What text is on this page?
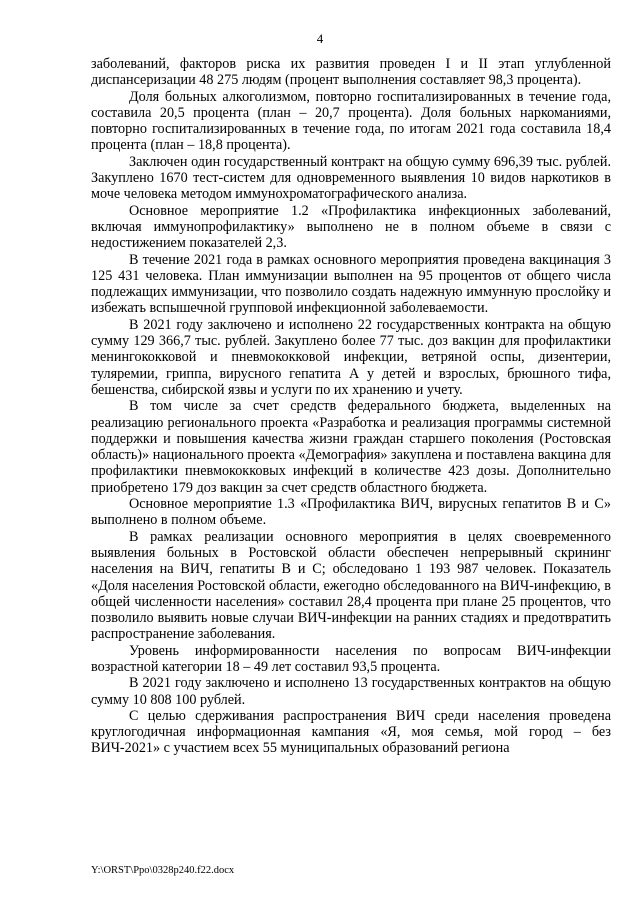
4

заболеваний, факторов риска их развития проведен I и II этап углубленной диспансеризации 48 275 людям (процент выполнения составляет 98,3 процента).

Доля больных алкоголизмом, повторно госпитализированных в течение года, составила 20,5 процента (план – 20,7 процента). Доля больных наркоманиями, повторно госпитализированных в течение года, по итогам 2021 года составила 18,4 процента (план – 18,8 процента).

Заключен один государственный контракт на общую сумму 696,39 тыс. рублей. Закуплено 1670 тест-систем для одновременного выявления 10 видов наркотиков в моче человека методом иммунохроматографического анализа.

Основное мероприятие 1.2 «Профилактика инфекционных заболеваний, включая иммунопрофилактику» выполнено не в полном объеме в связи с недостижением показателей 2,3.

В течение 2021 года в рамках основного мероприятия проведена вакцинация 3 125 431 человека. План иммунизации выполнен на 95 процентов от общего числа подлежащих иммунизации, что позволило создать надежную иммунную прослойку и избежать вспышечной групповой инфекционной заболеваемости.

В 2021 году заключено и исполнено 22 государственных контракта на общую сумму 129 366,7 тыс. рублей. Закуплено более 77 тыс. доз вакцин для профилактики менингококковой и пневмококковой инфекции, ветряной оспы, дизентерии, туляремии, гриппа, вирусного гепатита А у детей и взрослых, брюшного тифа, бешенства, сибирской язвы и услуги по их хранению и учету.

В том числе за счет средств федерального бюджета, выделенных на реализацию регионального проекта «Разработка и реализация программы системной поддержки и повышения качества жизни граждан старшего поколения (Ростовская область)» национального проекта «Демография» закуплена и поставлена вакцина для профилактики пневмококковых инфекций в количестве 423 дозы. Дополнительно приобретено 179 доз вакцин за счет средств областного бюджета.

Основное мероприятие 1.3 «Профилактика ВИЧ, вирусных гепатитов В и С» выполнено в полном объеме.

В рамках реализации основного мероприятия в целях своевременного выявления больных в Ростовской области обеспечен непрерывный скрининг населения на ВИЧ, гепатиты В и С; обследовано 1 193 987 человек. Показатель «Доля населения Ростовской области, ежегодно обследованного на ВИЧ-инфекцию, в общей численности населения» составил 28,4 процента при плане 25 процентов, что позволило выявить новые случаи ВИЧ-инфекции на ранних стадиях и предотвратить распространение заболевания.

Уровень информированности населения по вопросам ВИЧ-инфекции возрастной категории 18 – 49 лет составил 93,5 процента.

В 2021 году заключено и исполнено 13 государственных контрактов на общую сумму 10 808 100 рублей.

С целью сдерживания распространения ВИЧ среди населения проведена круглогодичная информационная кампания «Я, моя семья, мой город – без ВИЧ-2021» с участием всех 55 муниципальных образований региона

Y:\ORST\Ppo\0328p240.f22.docx
